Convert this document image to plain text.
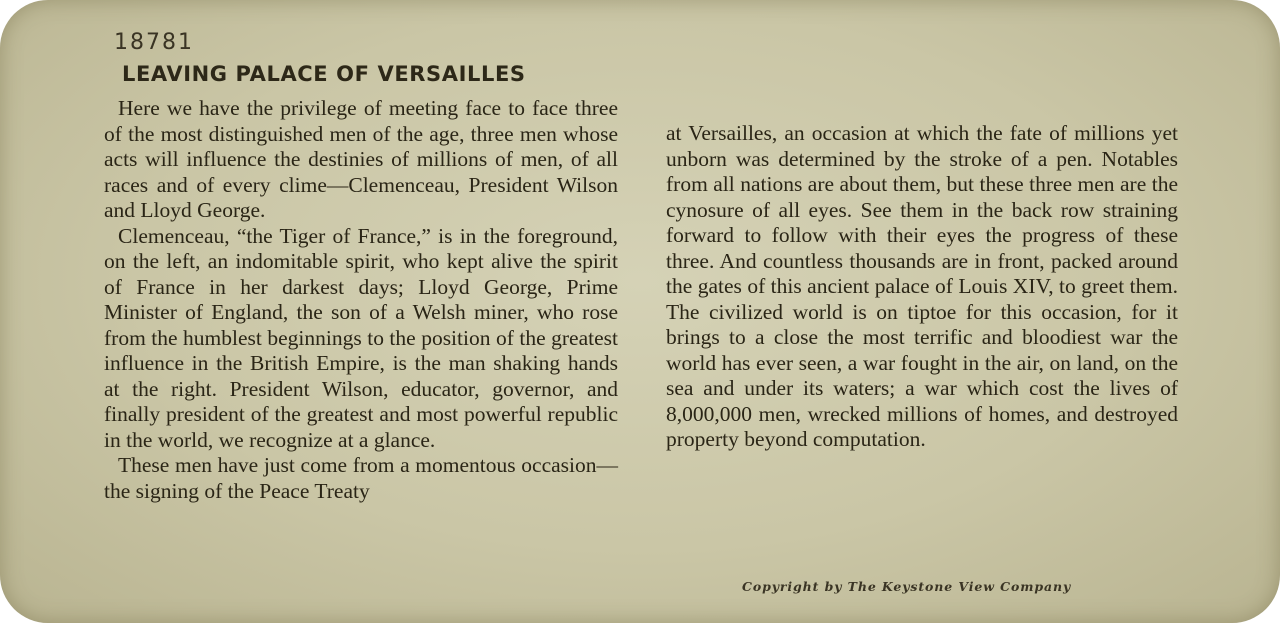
18781
LEAVING PALACE OF VERSAILLES

Here we have the privilege of meeting face to face three of the most distinguished men of the age, three men whose acts will influence the destinies of millions of men, of all races and of every clime—Clemenceau, President Wilson and Lloyd George.

Clemenceau, “the Tiger of France,” is in the foreground, on the left, an indomitable spirit, who kept alive the spirit of France in her darkest days; Lloyd George, Prime Minister of England, the son of a Welsh miner, who rose from the humblest beginnings to the position of the greatest influence in the British Empire, is the man shaking hands at the right. President Wilson, educator, governor, and finally president of the greatest and most powerful republic in the world, we recognize at a glance.

These men have just come from a momentous occasion—the signing of the Peace Treaty

at Versailles, an occasion at which the fate of millions yet unborn was determined by the stroke of a pen. Notables from all nations are about them, but these three men are the cynosure of all eyes. See them in the back row straining forward to follow with their eyes the progress of these three. And countless thousands are in front, packed around the gates of this ancient palace of Louis XIV, to greet them. The civilized world is on tiptoe for this occasion, for it brings to a close the most terrific and bloodiest war the world has ever seen, a war fought in the air, on land, on the sea and under its waters; a war which cost the lives of 8,000,000 men, wrecked millions of homes, and destroyed property beyond computation.

Copyright by The Keystone View Company
